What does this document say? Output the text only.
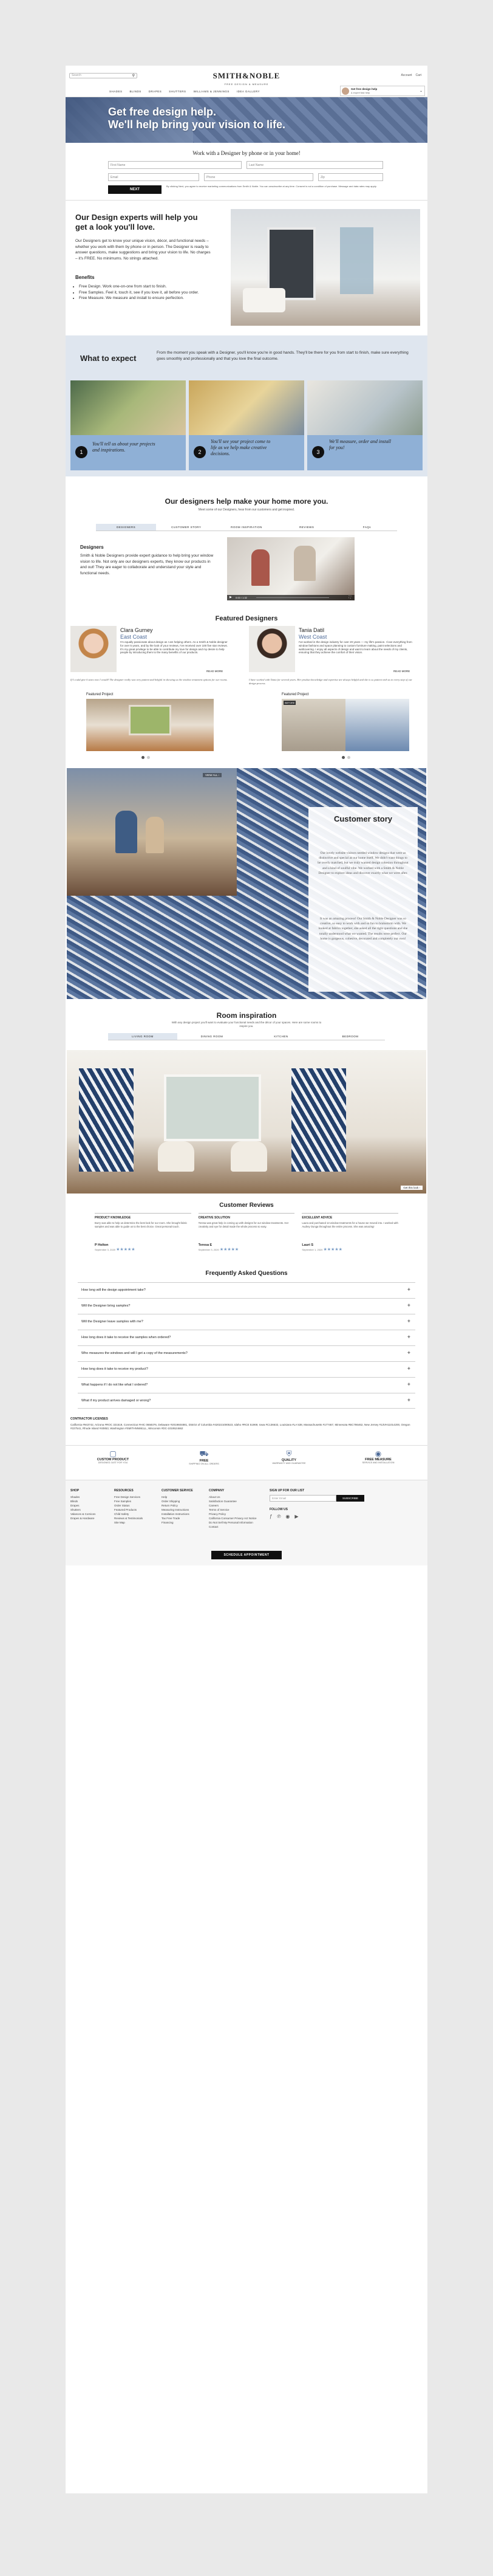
Search	⚲	SMITH&NOBLE	Account Cart
FREE DESIGN & MEASURE
SHADES	BLINDS	DRAPES	SHUTTERS	WILLIAMS & JENNINGS	IDEA GALLERY
Get free design help
& expert fast help	⌄
Get free design help.
We'll help bring your vision to life.
Work with a Designer by phone or in your home!
First Name	Last Name
Email	Phone	Zip
NEXT
By clicking Next, you agree to receive marketing communications from Smith & Noble. You can unsubscribe at any time. Consent is not a condition of purchase. Message and data rates may apply.
Our Design experts will help you get a look you'll love.
Our Designers get to know your unique vision, décor, and functional needs – whether you work with them by phone or in person. The Designer is ready to answer questions, make suggestions and bring your vision to life. No charges – it's FREE. No minimums. No strings attached.
Benefits
• Free Design. Work one-on-one from start to finish.
• Free Samples. Feel it, touch it, see if you love it, all before you order.
• Free Measure. We measure and install to ensure perfection.
What to expect
From the moment you speak with a Designer, you'll know you're in good hands. They'll be there for you from start to finish, make sure everything goes smoothly and professionally and that you love the final outcome.
1
You'll tell us about your projects and inspirations.	2
You'll see your project come to life as we help make creative decisions.	3
We'll measure, order and install for you!
Our designers help make your home more you.
Meet some of our Designers, hear from our customers and get inspired.
DESIGNERS	CUSTOMER STORY	ROOM INSPIRATION	REVIEWS	FAQs
Designers
Smith & Noble Designers provide expert guidance to help bring your window vision to life. Not only are our designers experts, they know our products in and out! They are eager to collaborate and understand your style and functional needs.
▶ 0:00 / 1:32	⛶
Featured Designers
Clara Gurney
East Coast
I'm equally passionate about design as I am helping others. As a Smith & Noble designer for over 5 years, and by the look of your reviews, I've received over 100 five star reviews. It's my great privilege to be able to contribute my love for design and my desire to help people by introducing them to the many benefits of our products.
READ MORE
If I could give 6 stars now I would! The designer really was very patient and helpful in showing us the window treatment options for our rooms.
Featured Project
Tania Datil
West Coast
I've worked in the design industry for over 20 years — my life's passion. I love everything from window fashions and space planning to custom furniture making, paint selections and wallcovering. I enjoy all aspects of design and want to learn about the needs of my clients, ensuring that they achieve the comfort of their vision.
READ MORE
I have worked with Tania for several years. Her product knowledge and expertise are always helpful and she is so patient with us in every step of our design process.
Featured Project
BEFORE
VIEW ALL ›
Customer story
Our lovely website visitors needed window designs that were as distinctive and special as our home itself. We didn't want things to be overly matched, but we truly wanted design cohesion throughout and a kind of soulful vibe. We worked with a Smith & Noble Designer to explore ideas and discover exactly what we were after.
It was an amazing process! Our Smith & Noble Designer was so creative, so easy to work with and so fun to brainstorm with. We looked at fabrics together, she asked all the right questions and she totally understood what we wanted. The results were perfect. Our home is gorgeous, cohesive, decorated and completely our own!
Room inspiration
With any design project you'll want to evaluate your functional needs and the décor of your spaces. Here are some rooms to inspire you.
LIVING ROOM	DINING ROOM	KITCHEN	BEDROOM
Get this look ›
Customer Reviews
PRODUCT KNOWLEDGE
Burry was able to help us determine the best look for our room. She brought fabric samples and was able to guide us to the best choice. Great personal touch.
P Holton
September 3, 2020 ★★★★★
CREATIVE SOLUTION
Teresa was great help in coming up with designs for our window treatments. Her creativity and eye for detail made the whole process so easy.
Teresa E
September 3, 2020 ★★★★★
EXCELLENT ADVICE
Laura and purchased 13 window treatments for a house we moved into. I worked with Audrey Ounga throughout the entire process. She was amazing!
Lauri S
September 1, 2020 ★★★★★
Frequently Asked Questions
How long will the design appointment take?	+
Will the Designer bring samples?	+
Will the Designer leave samples with me?	+
How long does it take to receive the samples when ordered?	+
Who measures the windows and will I get a copy of the measurements?	+
How long does it take to receive my product?	+
What happens if I do not like what I ordered?	+
What if my product arrives damaged or wrong?	+
CONTRACTOR LICENSES
California #943742, Arizona #ROC 321519, Connecticut #HIC 0658376, Delaware #2019604881, District of Columbia #420221000523, Idaho #RCE 51969, Iowa #C136632, Louisiana #LA 538, Massachusetts #177467, Minnesota #BC786462, New Jersey #13VH11014200, Oregon #227541, Rhode Island #40853, Washington #SMITHNN861LL, Wisconsin #DC-1019524662
▢
CUSTOM PRODUCT
DESIGNED JUST FOR YOU
⛟
FREE
SHIPPING ON ALL ORDERS
⛨
QUALITY
WARRANTY AND GUARANTEE
◉
FREE MEASURE
SERVICE AND INSTALLATION
SHOP
Shades
Blinds
Drapes
Shutters
Valances & Cornices
Drapes & Hardware
RESOURCES
Free Design Services
Free Samples
Order Status
Featured Products
Child Safety
Reviews & Testimonials
Site Map
CUSTOMER SERVICE
Help
Order Shipping
Return Policy
Measuring Instructions
Installation Instructions
Tax Free Trade
Financing
COMPANY
About Us
Satisfaction Guarantee
Careers
Terms of Service
Privacy Policy
California Consumer Privacy Act Notice
Do Not Sell My Personal Information
Contact
SIGN UP FOR OUR LIST
Enter Email	SUBSCRIBE
FOLLOW US
ƒ ℗ ◉ ▶
SCHEDULE APPOINTMENT
